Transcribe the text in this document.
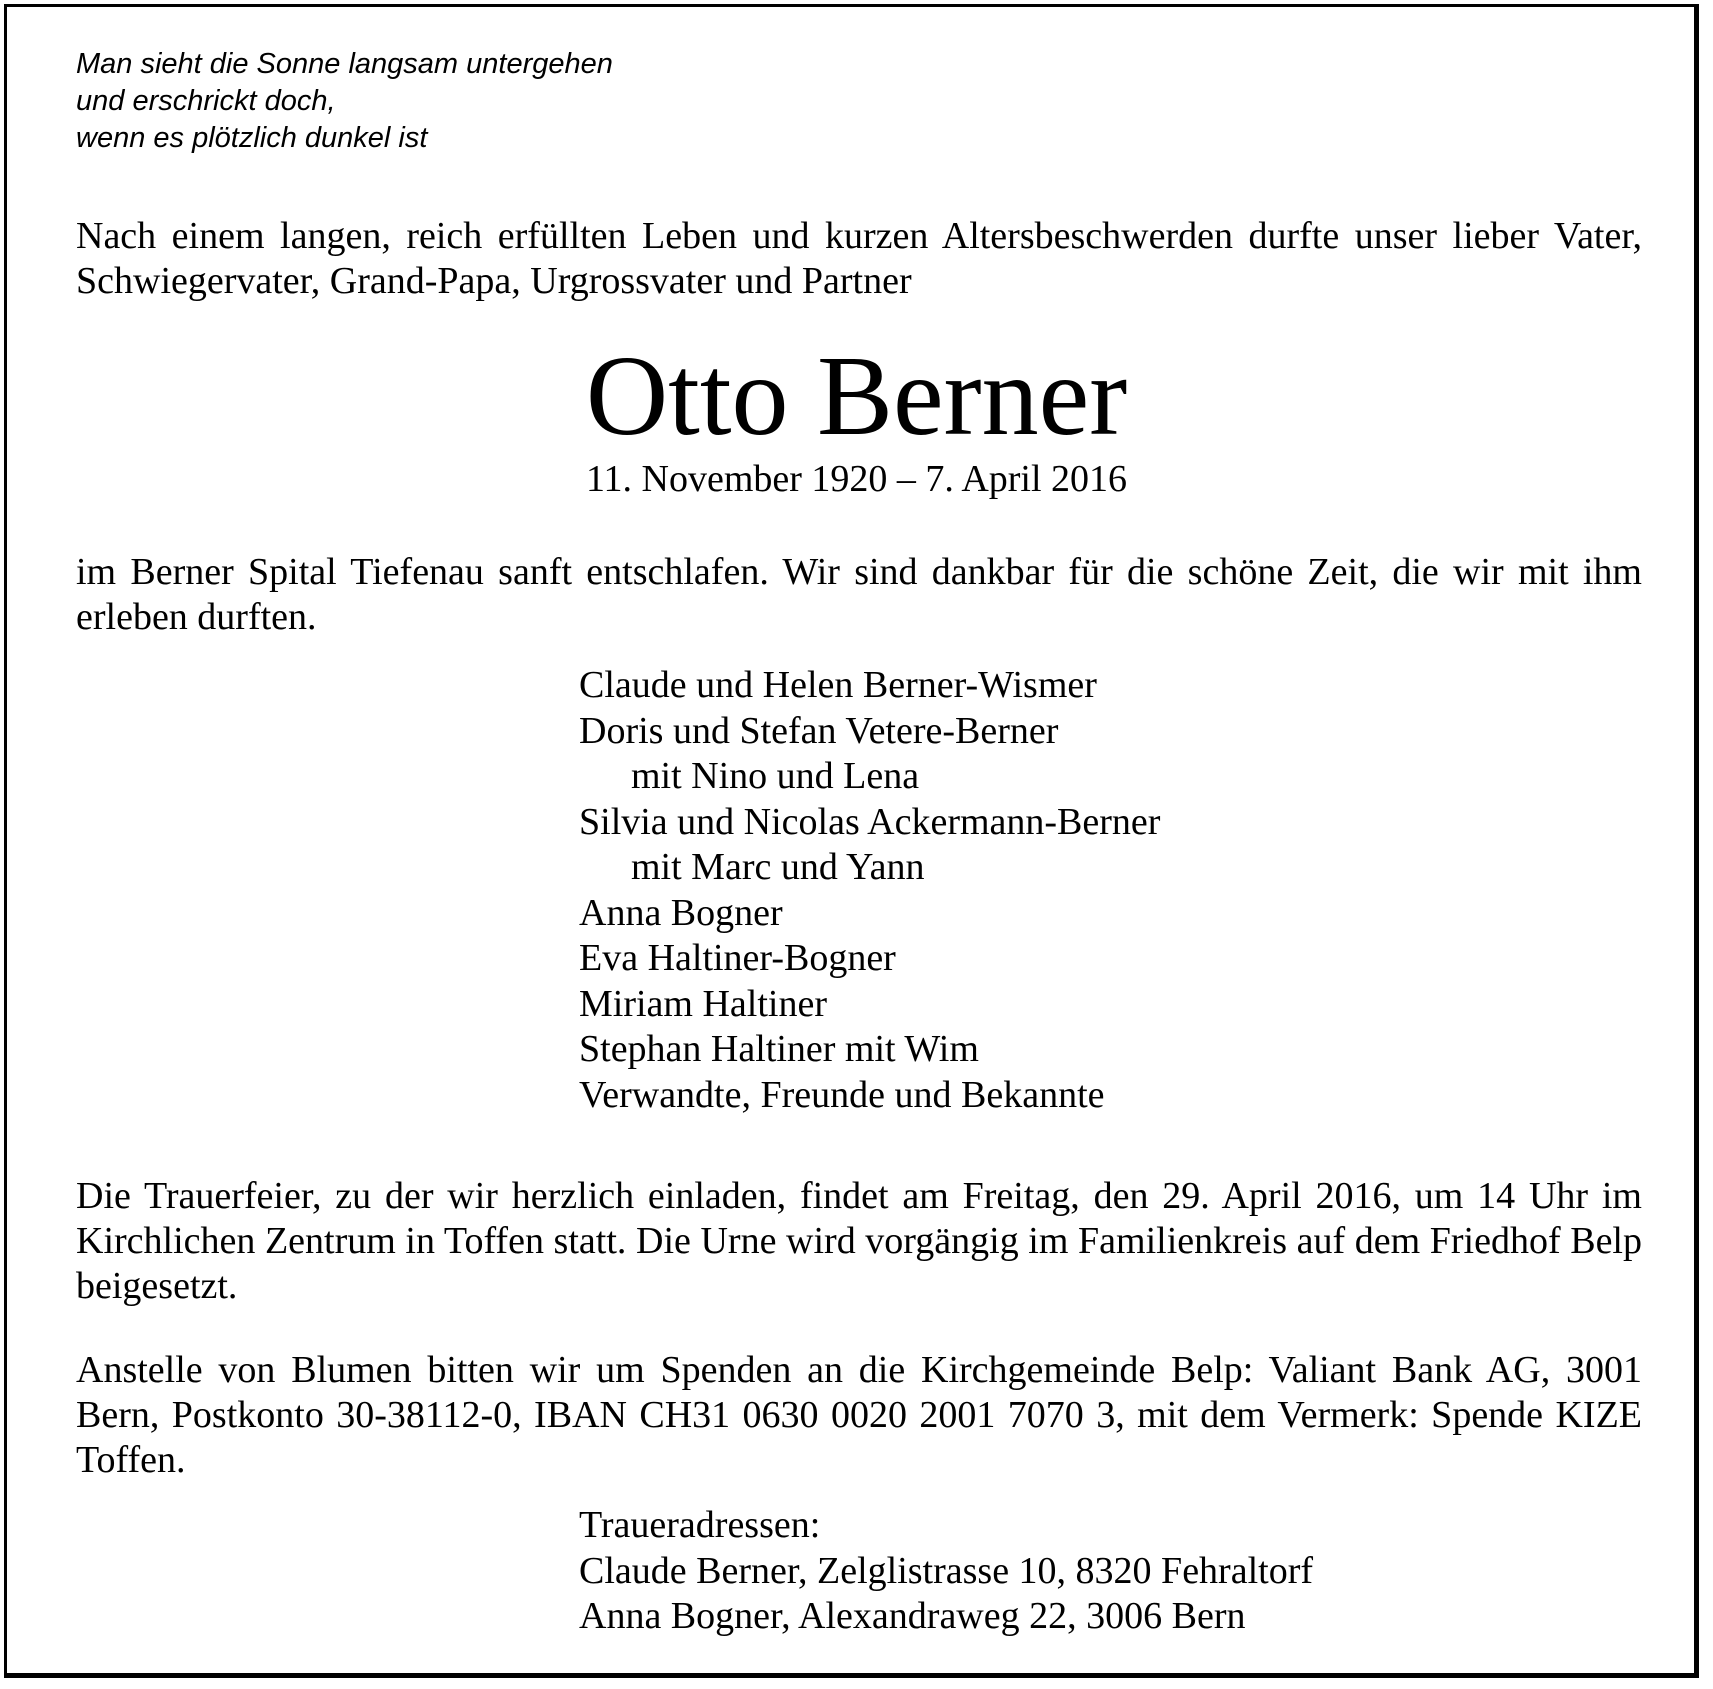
Man sieht die Sonne langsam untergehen
und erschrickt doch,
wenn es plötzlich dunkel ist
Nach einem langen, reich erfüllten Leben und kurzen Altersbeschwerden durfte unser lieber Vater, Schwiegervater, Grand-Papa, Urgrossvater und Partner
Otto Berner
11. November 1920 – 7. April 2016
im Berner Spital Tiefenau sanft entschlafen. Wir sind dankbar für die schöne Zeit, die wir mit ihm erleben durften.
Claude und Helen Berner-Wismer
Doris und Stefan Vetere-Berner
mit Nino und Lena
Silvia und Nicolas Ackermann-Berner
mit Marc und Yann
Anna Bogner
Eva Haltiner-Bogner
Miriam Haltiner
Stephan Haltiner mit Wim
Verwandte, Freunde und Bekannte
Die Trauerfeier, zu der wir herzlich einladen, findet am Freitag, den 29. April 2016, um 14 Uhr im Kirchlichen Zentrum in Toffen statt. Die Urne wird vorgängig im Familienkreis auf dem Friedhof Belp beigesetzt.
Anstelle von Blumen bitten wir um Spenden an die Kirchgemeinde Belp: Valiant Bank AG, 3001 Bern, Postkonto 30-38112-0, IBAN CH31 0630 0020 2001 7070 3, mit dem Vermerk: Spende KIZE Toffen.
Traueradressen:
Claude Berner, Zelglistrasse 10, 8320 Fehraltorf
Anna Bogner, Alexandraweg 22, 3006 Bern
